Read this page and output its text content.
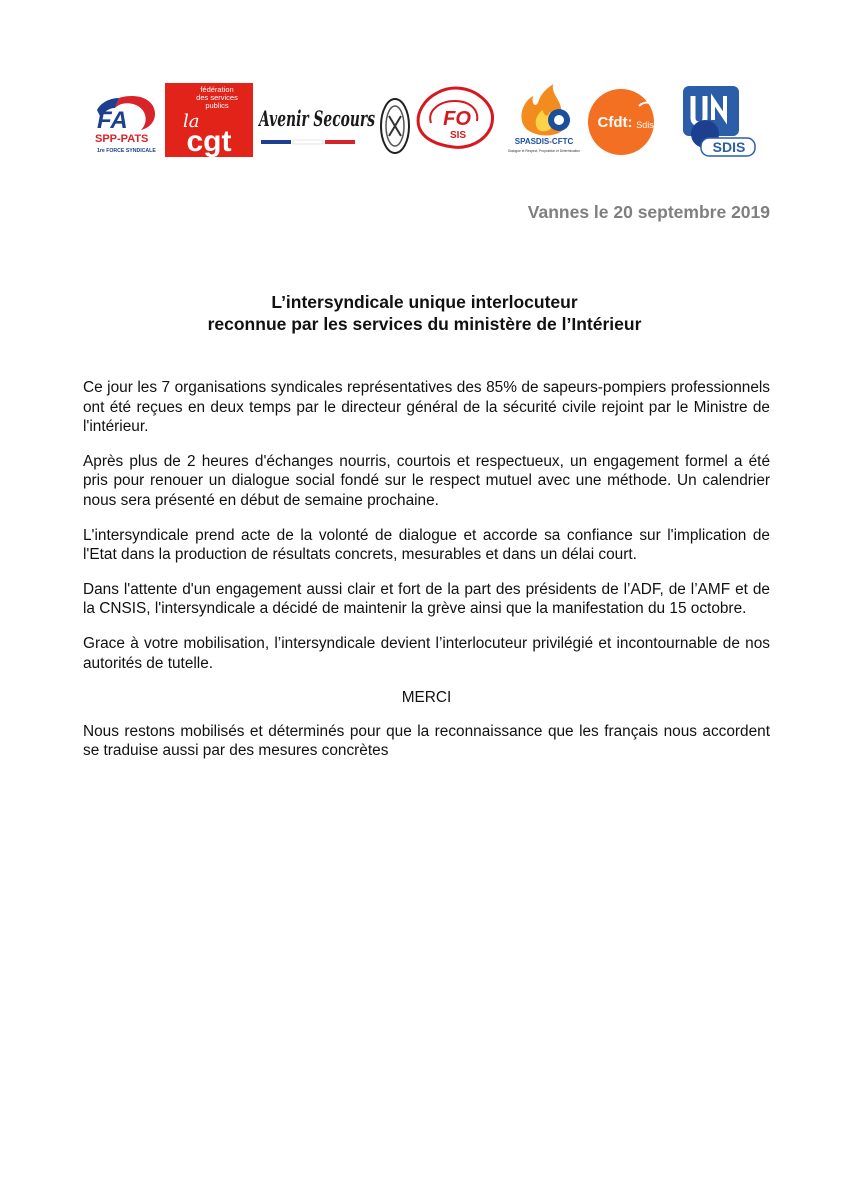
FA
SPP-PATS
1re FORCE SYNDICALE
fédération
des services
publics
la
cgt
Avenir Secours	FO
SIS
SPASDIS-CFTC
Dialogue et Respect, Proposition et Détermination
Cfdt: Sdis
SDIS
Vannes le 20 septembre 2019
L’intersyndicale unique interlocuteur
reconnue par les services du ministère de l’Intérieur

Ce jour les 7 organisations syndicales représentatives des 85% de sapeurs-pompiers professionnels ont été reçues en deux temps par le directeur général de la sécurité civile rejoint par le Ministre de l'intérieur.

Après plus de 2 heures d'échanges nourris, courtois et respectueux, un engagement formel a été pris pour renouer un dialogue social fondé sur le respect mutuel avec une méthode. Un calendrier nous sera présenté en début de semaine prochaine.

L'intersyndicale prend acte de la volonté de dialogue et accorde sa confiance sur l'implication de l'Etat dans la production de résultats concrets, mesurables et dans un délai court.

Dans l'attente d'un engagement aussi clair et fort de la part des présidents de l’ADF, de l’AMF et de la CNSIS, l'intersyndicale a décidé de maintenir la grève ainsi que la manifestation du 15 octobre.

Grace à votre mobilisation, l’intersyndicale devient l’interlocuteur privilégié et incontournable de nos autorités de tutelle.

MERCI

Nous restons mobilisés et déterminés pour que la reconnaissance que les français nous accordent se traduise aussi par des mesures concrètes
